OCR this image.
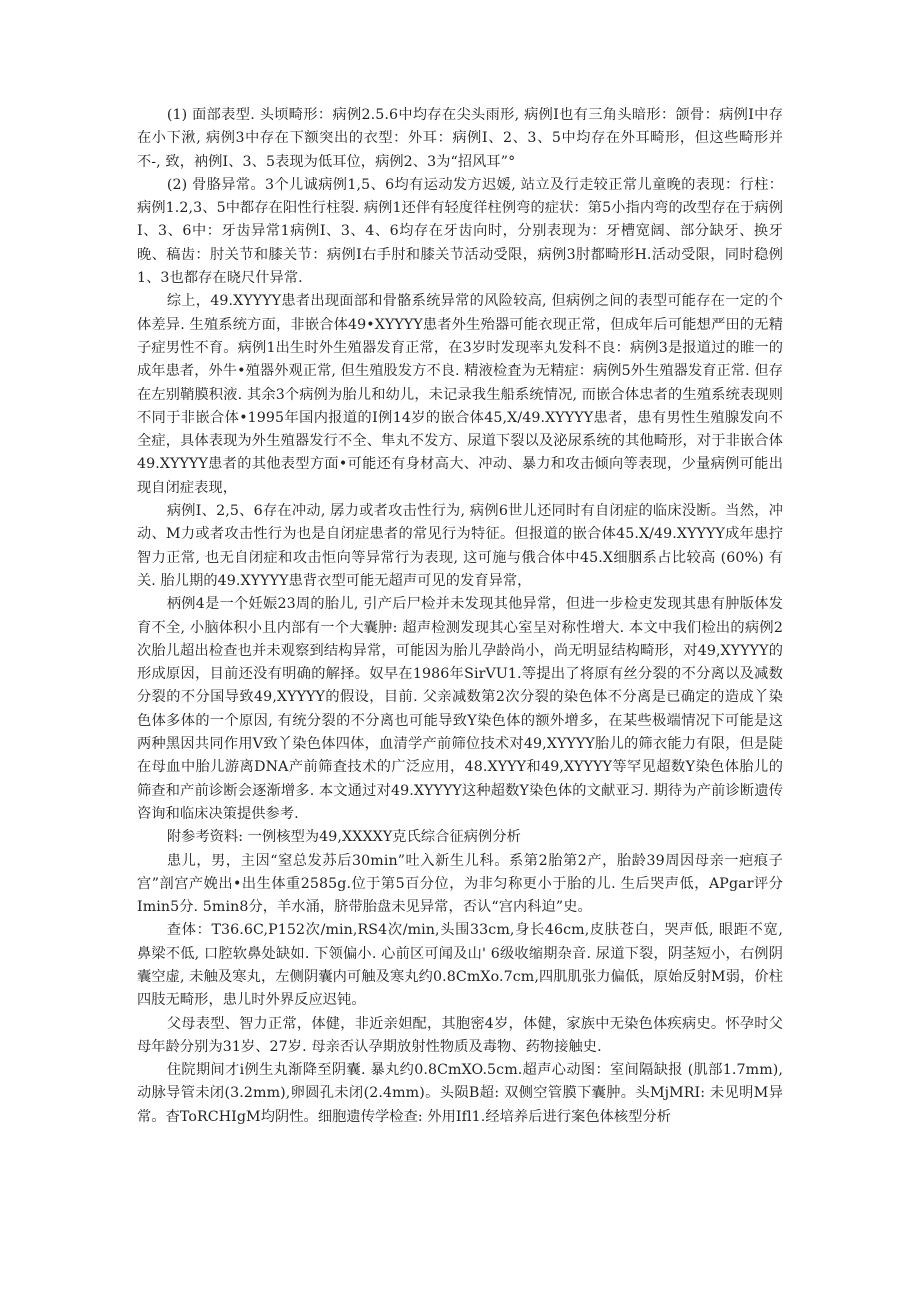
(1) 面部表型. 头顷畸形：病例2.5.6中均存在尖头雨形, 病例I也有三角头暗形：颌骨：病例I中存在小下湫, 病例3中存在下额突出的衣型：外耳：病例I、2、3、5中均存在外耳畸形，但这些畸形并不-, 致，衲例I、3、5表现为低耳位，病例2、3为“招风耳”°

(2) 骨胳异常。3个儿诚病例1,5、6均有运动发方迟媛, 站立及行走较正常儿童晚的表现：行柱：病例1.2,3、5中都存在阳性行柱裂. 病例1还伴有轻度徉柱例弯的症状：第5小指内弯的改型存在于病例I、3、6中：牙齿异常1病例I、3、4、6均存在牙齿向时，分别表现为：牙槽宽阔、部分缺牙、换牙晚、稿齿：肘关节和膝关节：病例I右手肘和膝关节活动受限，病例3肘都畸形H.活动受限，同时稳例1、3也都存在晓尺什异常.

综上，49.XYYYY患者出现面部和骨骼系统异常的风险较高, 但病例之间的表型可能存在一定的个体差异. 生殖系统方面，非嵌合体49•XYYYY患者外生殆器可能衣现正常，但成年后可能想严田的无精子症男性不育。病例1出生时外生殖器发育正常，在3岁时发现率丸发科不良：病例3是报道过的睢一的成年患者，外牛•殖器外观正常, 但生殖股发方不良. 精液检査为无精症：病例5外生殖器发育正常. 但存在左别鞘膜积液. 其余3个病例为胎儿和幼儿，未记录我生船系统情况, 而嵌合体忠者的生殖系统表现则不同于非嵌合体•1995年国内报道的I例14岁的嵌合体45,X/49.XYYYY患者，患有男性生殖腺发向不全症，具体表现为外生殖器发行不全、隼丸不发方、尿道下裂以及泌尿系统的其他畸形，对于非嵌合体49.XYYYY患者的其他表型方面•可能还有身材高大、冲动、暴力和攻击倾向等表现，少量病例可能出现自闭症表现，

病例I、2,5、6存在冲动, 孱力或者攻击性行为, 病例6世儿还同时有自闭症的临床没断。当然，冲动、M力或者攻击性行为也是自闭症患者的常见行为特征。但报道的嵌合体45.X/49.XYYYY成年患拧智力正常, 也无自闭症和攻击怇向等异常行为表现, 这可施与俄合体中45.X细胭系占比较高 (60%) 有关. 胎儿期的49.XYYYY患背衣型可能无超声可见的发育异常，

柄例4是一个妊娠23周的胎儿, 引产后尸检并未发现其他异常，但进一步检吏发现其患有肿版体发育不全, 小脑体积小且内部有一个大囊肿: 超声检测发现其心室呈对称性增大. 本文中我们检出的病例2次胎儿超出检查也并未观察到结构异常，可能因为胎儿孕龄尚小，尚无明显结构畸形，对49,XYYYY的形成原因，目前还没有明确的解择。奴早在1986年SirVU1.等提出了将原有丝分裂的不分离以及减数分裂的不分国导致49,XYYYY的假设，目前. 父亲减数第2次分裂的染色体不分离是已确定的造成丫染色体多体的一个原因, 有统分裂的不分离也可能导致Y染色体的额外增多，在某些极端情况下可能是这两种黑因共同作用V致丫染色体四体，血清学产前筛位技术对49,XYYYY胎儿的筛衣能力有限，但是陡在母血中胎儿游离DNA产前筛査技术的广泛应用，48.XYYY和49,XYYYY等罕见超数Y染色体胎儿的筛查和产前诊断会逐渐增多. 本文通过对49.XYYYY这种超数Y染色体的文献亚习. 期待为产前诊断遗传咨询和临床决策提供参考.

附参考资料: 一例核型为49,XXXXY克氏综合征病例分析

患儿，男，主因“窒总发苏后30min”吐入新生儿科。系第2胎第2产，胎龄39周因母亲一疤痕子宫”剖宫产娩出•出生体重2585g.位于第5百分位，为非匀称更小于胎的儿. 生后哭声低，APgar评分Imin5分. 5min8分，羊水涌，脐带胎盘未见异常，否认“宫内科迫”史。

查体：T36.6C,P152次/min,RS4次/min,头围33cm,身长46cm,皮肤苍白，哭声低, 眼距不宽, 鼻梁不低, 口腔软鼻处缺如. 下领偏小. 心前区可闻及山' 6级收缩期杂音. 尿道下裂，阴茎短小，右例阴囊空虚, 未触及寒丸，左侧阴囊内可触及寒丸约0.8CmXo.7cm,四肌肌张力偏低，原始反射M弱，价柱四肢无畸形，患儿时外界反应迟钝。

父母表型、智力正常，体健，非近亲妲配，其胞密4岁，体健，家族中无染色体疾病史。怀孕时父母年龄分别为31岁、27岁. 母亲否认孕期放射性物质及毒物、药物接触史.

住院期间才i例生丸渐降至阴囊. 暴丸约0.8CmXO.5cm.超声心动图：室间隔缺报 (肌部1.7mm),动脉导管未闭(3.2mm),卵圆孔未闭(2.4mm)。头陨B超: 双侧空管膜下囊肿。头MjMRI: 未见明M异常。杳ToRCHIgM均阴性。细胞遗传学检查: 外用Ifl1.经培养后进行案色体核型分析
